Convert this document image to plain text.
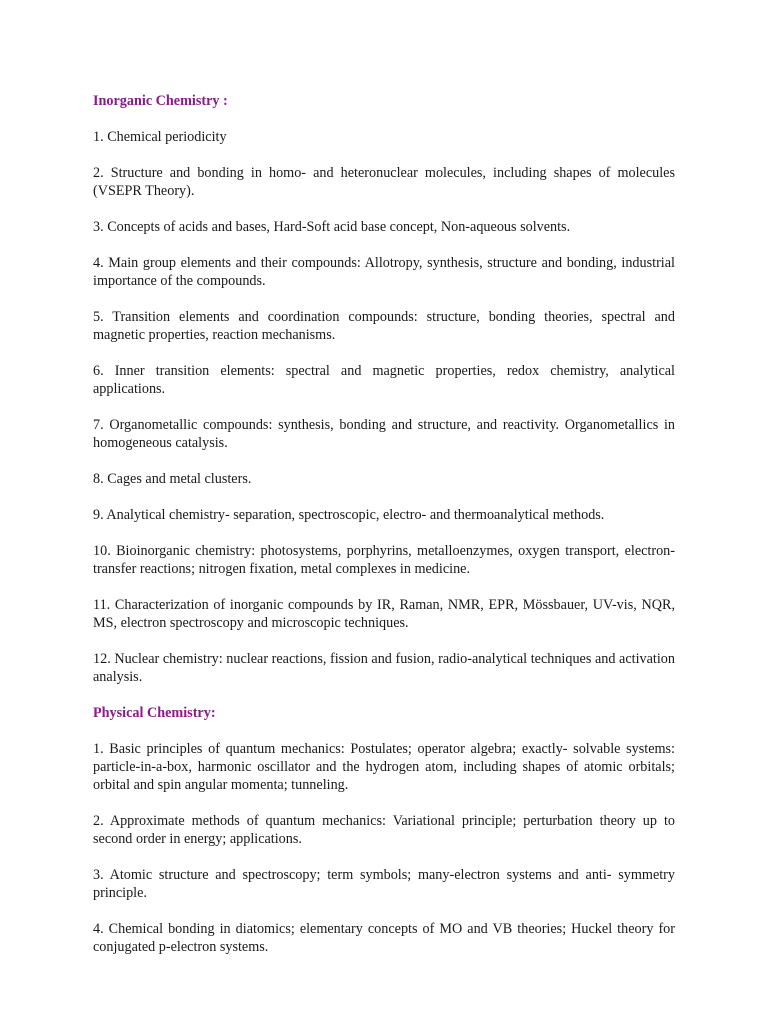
Inorganic Chemistry :
1. Chemical periodicity
2. Structure and bonding in homo- and heteronuclear molecules, including shapes of molecules (VSEPR Theory).
3. Concepts of acids and bases, Hard-Soft acid base concept, Non-aqueous solvents.
4. Main group elements and their compounds: Allotropy, synthesis, structure and bonding, industrial importance of the compounds.
5. Transition elements and coordination compounds: structure, bonding theories, spectral and magnetic properties, reaction mechanisms.
6. Inner transition elements: spectral and magnetic properties, redox chemistry, analytical applications.
7. Organometallic compounds: synthesis, bonding and structure, and reactivity. Organometallics in homogeneous catalysis.
8. Cages and metal clusters.
9. Analytical chemistry- separation, spectroscopic, electro- and thermoanalytical methods.
10. Bioinorganic chemistry: photosystems, porphyrins, metalloenzymes, oxygen transport, electron- transfer reactions; nitrogen fixation, metal complexes in medicine.
11. Characterization of inorganic compounds by IR, Raman, NMR, EPR, Mössbauer, UV-vis, NQR, MS, electron spectroscopy and microscopic techniques.
12. Nuclear chemistry: nuclear reactions, fission and fusion, radio-analytical techniques and activation analysis.
Physical Chemistry:
1. Basic principles of quantum mechanics: Postulates; operator algebra; exactly- solvable systems: particle-in-a-box, harmonic oscillator and the hydrogen atom, including shapes of atomic orbitals; orbital and spin angular momenta; tunneling.
2. Approximate methods of quantum mechanics: Variational principle; perturbation theory up to second order in energy; applications.
3. Atomic structure and spectroscopy; term symbols; many-electron systems and anti- symmetry principle.
4. Chemical bonding in diatomics; elementary concepts of MO and VB theories; Huckel theory for conjugated p-electron systems.
